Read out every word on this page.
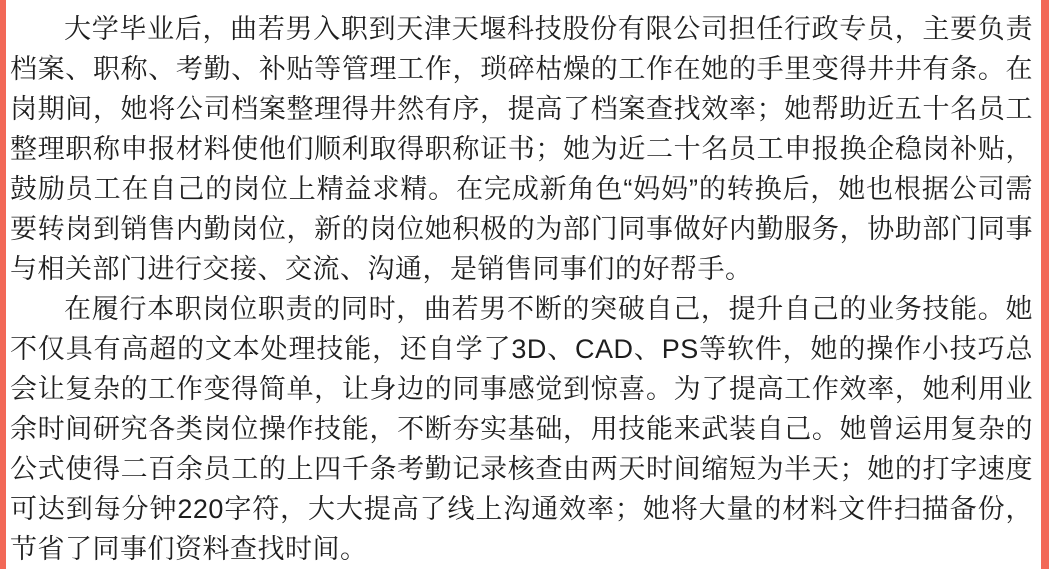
大学毕业后，曲若男入职到天津天堰科技股份有限公司担任行政专员，主要负责档案、职称、考勤、补贴等管理工作，琐碎枯燥的工作在她的手里变得井井有条。在岗期间，她将公司档案整理得井然有序，提高了档案查找效率；她帮助近五十名员工整理职称申报材料使他们顺利取得职称证书；她为近二十名员工申报换企稳岗补贴，鼓励员工在自己的岗位上精益求精。在完成新角色“妈妈”的转换后，她也根据公司需要转岗到销售内勤岗位，新的岗位她积极的为部门同事做好内勤服务，协助部门同事与相关部门进行交接、交流、沟通，是销售同事们的好帮手。

在履行本职岗位职责的同时，曲若男不断的突破自己，提升自己的业务技能。她不仅具有高超的文本处理技能，还自学了3D、CAD、PS等软件，她的操作小技巧总会让复杂的工作变得简单，让身边的同事感觉到惊喜。为了提高工作效率，她利用业余时间研究各类岗位操作技能，不断夯实基础，用技能来武装自己。她曾运用复杂的公式使得二百余员工的上四千条考勤记录核查由两天时间缩短为半天；她的打字速度可达到每分钟220字符，大大提高了线上沟通效率；她将大量的材料文件扫描备份，节省了同事们资料查找时间。
